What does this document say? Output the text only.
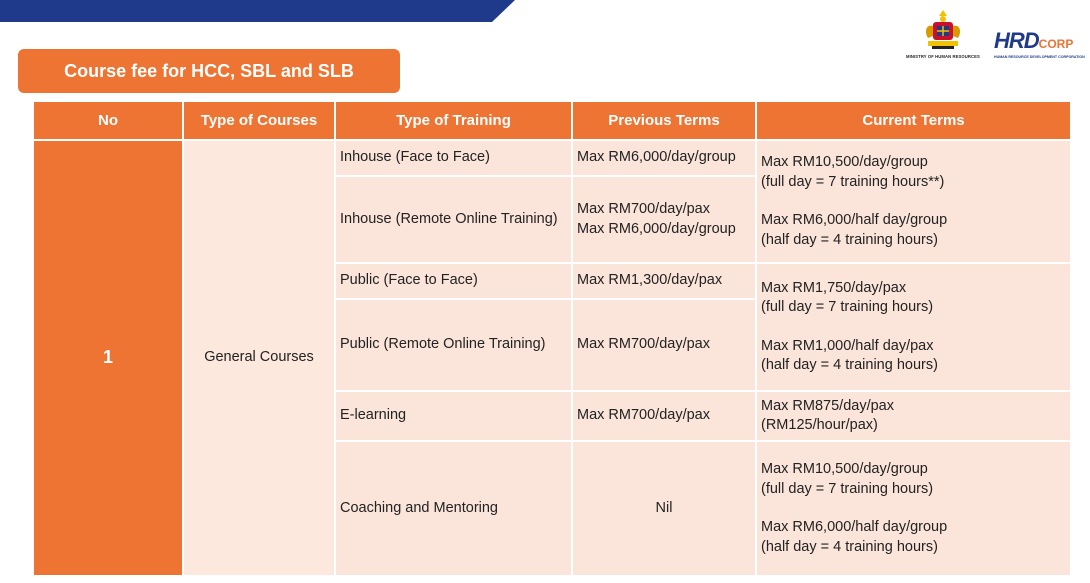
Course fee for HCC, SBL and SLB
MINISTRY OF HUMAN RESOURCES
HRDCORP
HUMAN RESOURCE DEVELOPMENT CORPORATION
No	Type of Courses	Type of Training	Previous Terms	Current Terms
1	General Courses	Inhouse (Face to Face)	Max RM6,000/day/group	Max RM10,500/day/group
(full day = 7 training hours**)
Max RM6,000/half day/group
(half day = 4 training hours)

		Inhouse (Remote Online Training)	Max RM700/day/pax
Max RM6,000/day/group	

		Public (Face to Face)	Max RM1,300/day/pax	Max RM1,750/day/pax
(full day = 7 training hours)
Max RM1,000/half day/pax
(half day = 4 training hours)

		Public (Remote Online Training)	Max RM700/day/pax	
		E-learning	Max RM700/day/pax	Max RM875/day/pax
(RM125/hour/pax)

		Coaching and Mentoring	Nil	Max RM10,500/day/group
(full day = 7 training hours)
Max RM6,000/half day/group
(half day = 4 training hours)
